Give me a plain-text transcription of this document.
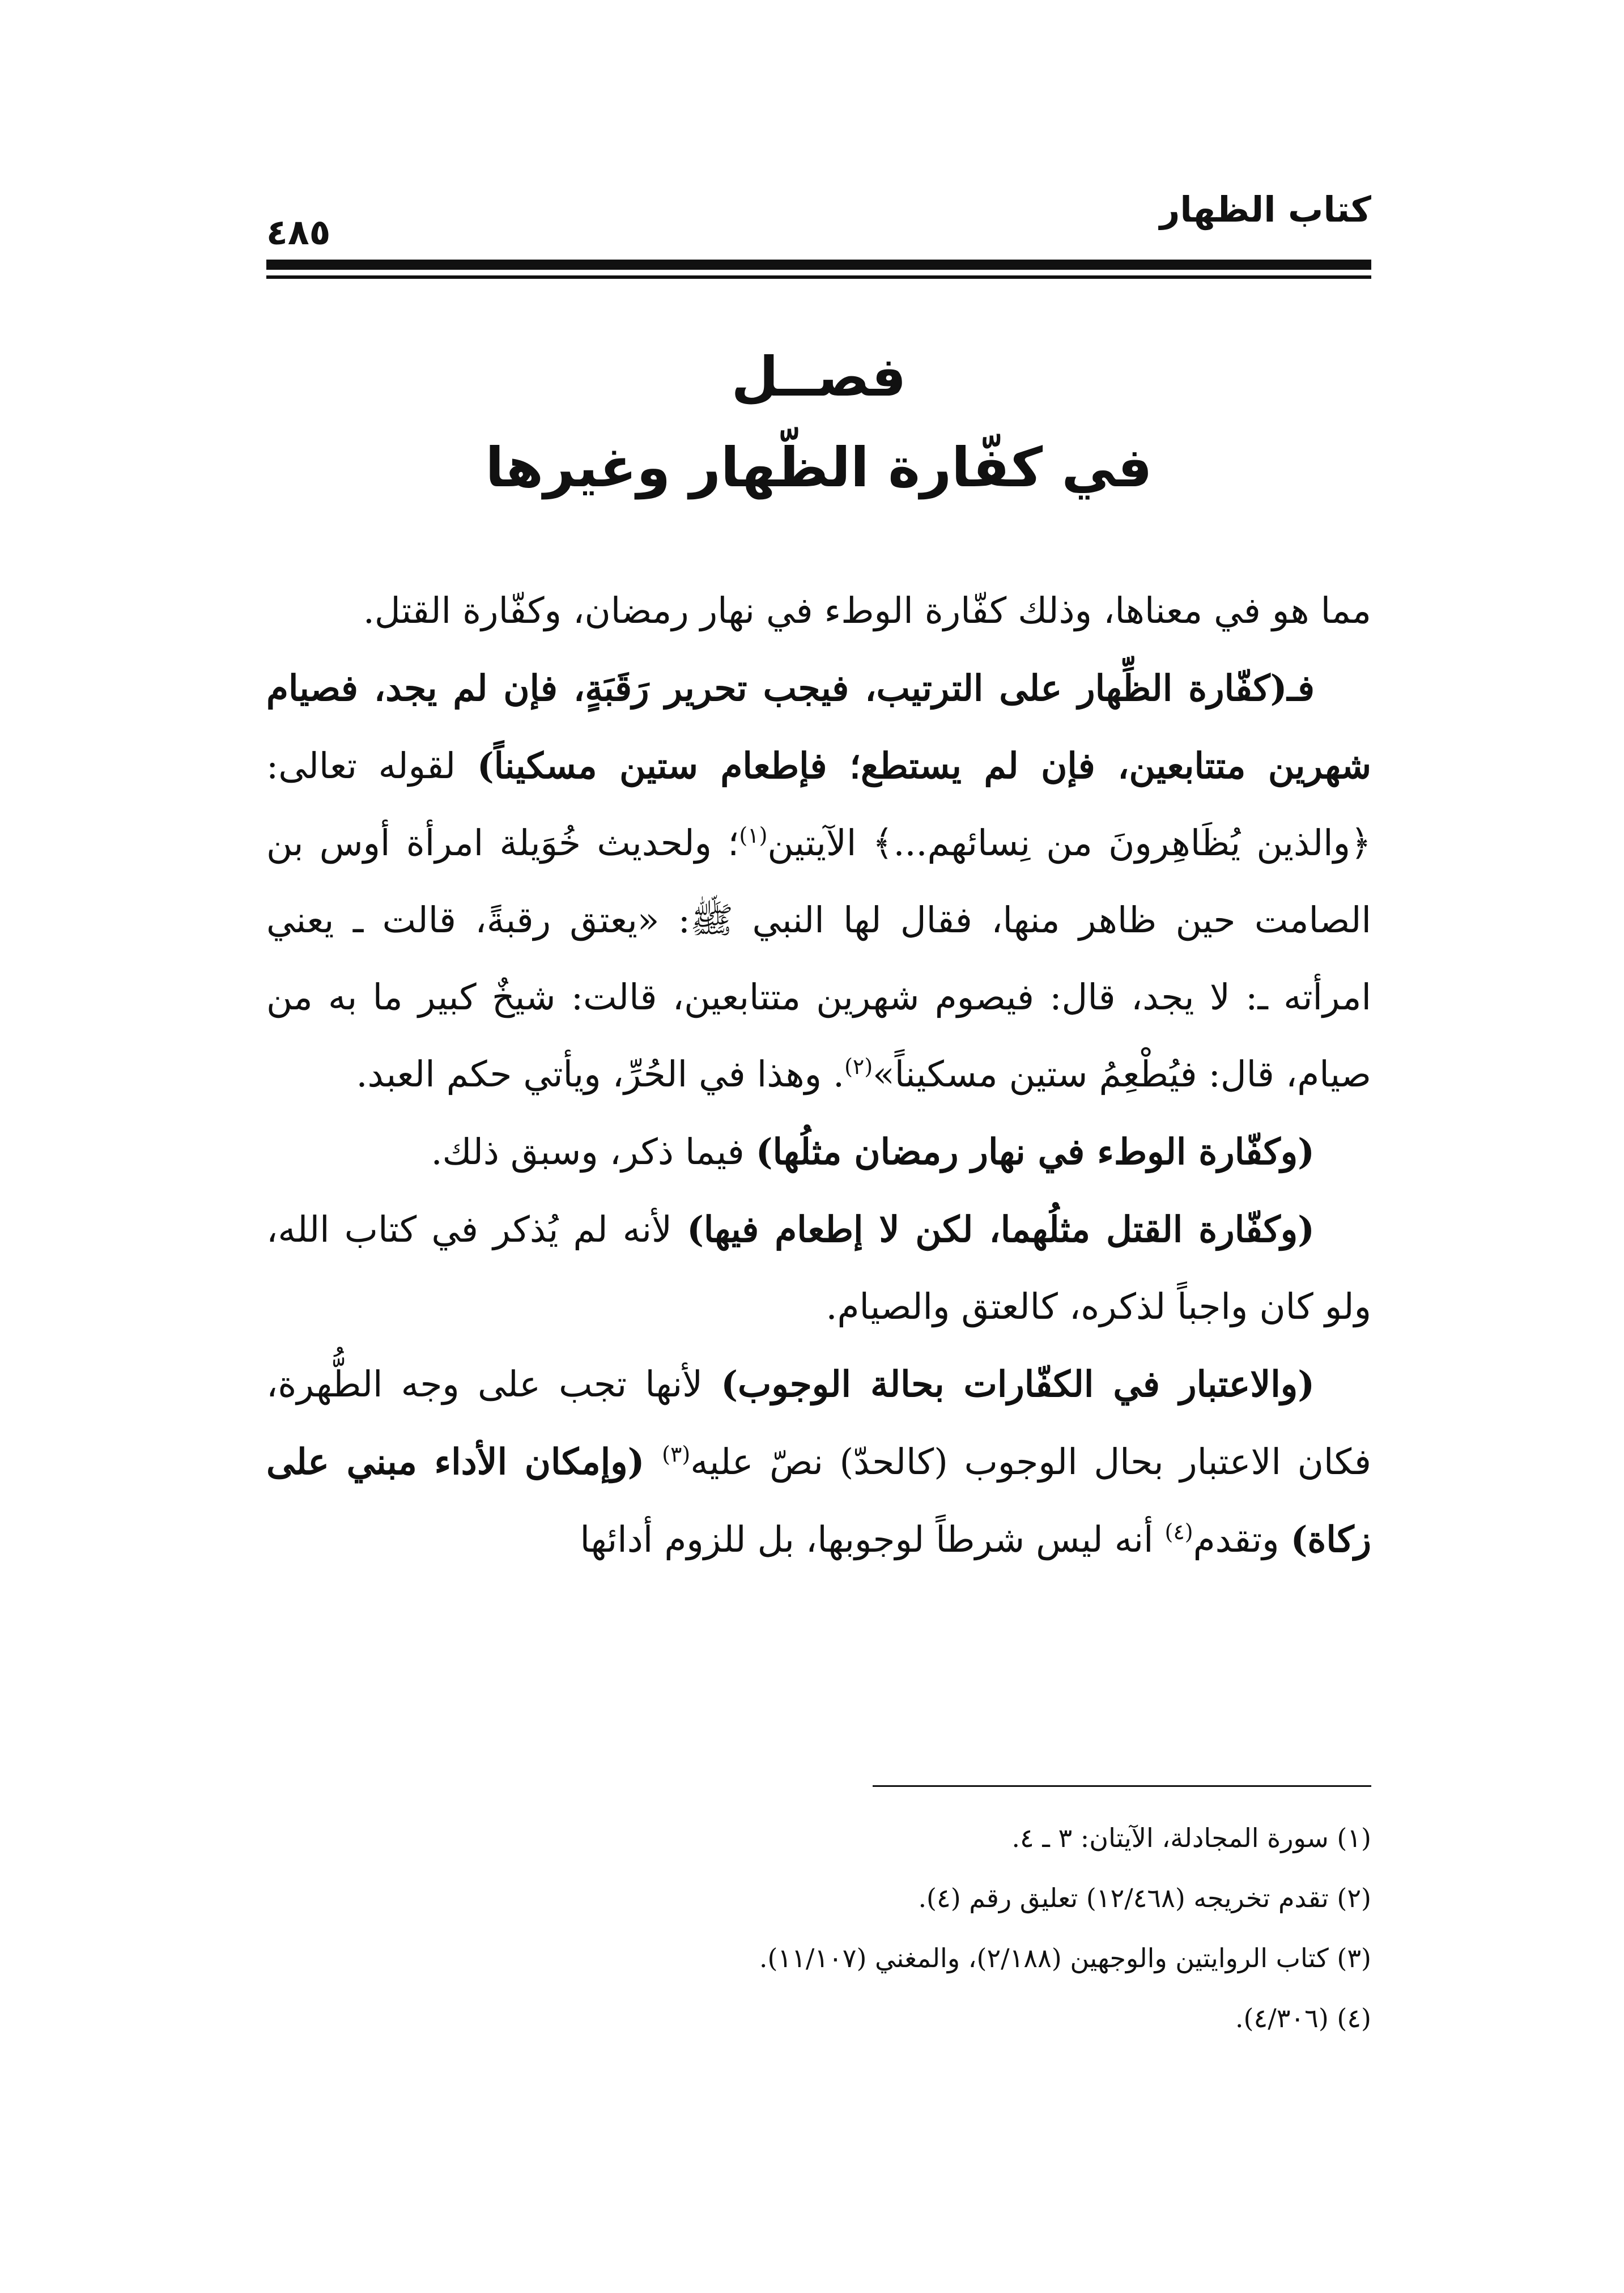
كتاب الظهار
٤٨٥
فصــل
في كفّارة الظّهار وغيرها

مما هو في معناها، وذلك كفّارة الوطء في نهار رمضان، وكفّارة القتل.

فـ(كفّارة الظِّهار على الترتيب، فيجب تحرير رَقَبَةٍ، فإن لم يجد، فصيام شهرين متتابعين، فإن لم يستطع؛ فإطعام ستين مسكيناً) لقوله تعالى: ﴿والذين يُظَاهِرونَ من نِسائهم...﴾ الآيتين$^{(١)}$؛ ولحديث خُوَيلة امرأة أوس بن الصامت حين ظاهر منها، فقال لها النبي ﷺ: «يعتق رقبةً، قالت ـ يعني امرأته ـ: لا يجد، قال: فيصوم شهرين متتابعين، قالت: شيخٌ كبير ما به من صيام، قال: فيُطْعِمُ ستين مسكيناً»$^{(٢)}$. وهذا في الحُرِّ، ويأتي حكم العبد.

(وكفّارة الوطء في نهار رمضان مثلُها) فيما ذكر، وسبق ذلك.

(وكفّارة القتل مثلُهما، لكن لا إطعام فيها) لأنه لم يُذكر في كتاب الله، ولو كان واجباً لذكره، كالعتق والصيام.

(والاعتبار في الكفّارات بحالة الوجوب) لأنها تجب على وجه الطُّهرة، فكان الاعتبار بحال الوجوب (كالحدّ) نصّ عليه$^{(٣)}$ (وإمكان الأداء مبني على زكاة) وتقدم$^{(٤)}$ أنه ليس شرطاً لوجوبها، بل للزوم أدائها

(١) سورة المجادلة، الآيتان: ٣ ـ ٤.

(٢) تقدم تخريجه (١٢/٤٦٨) تعليق رقم (٤).

(٣) كتاب الروايتين والوجهين (٢/١٨٨)، والمغني (١١/١٠٧).

(٤) (٤/٣٠٦).
